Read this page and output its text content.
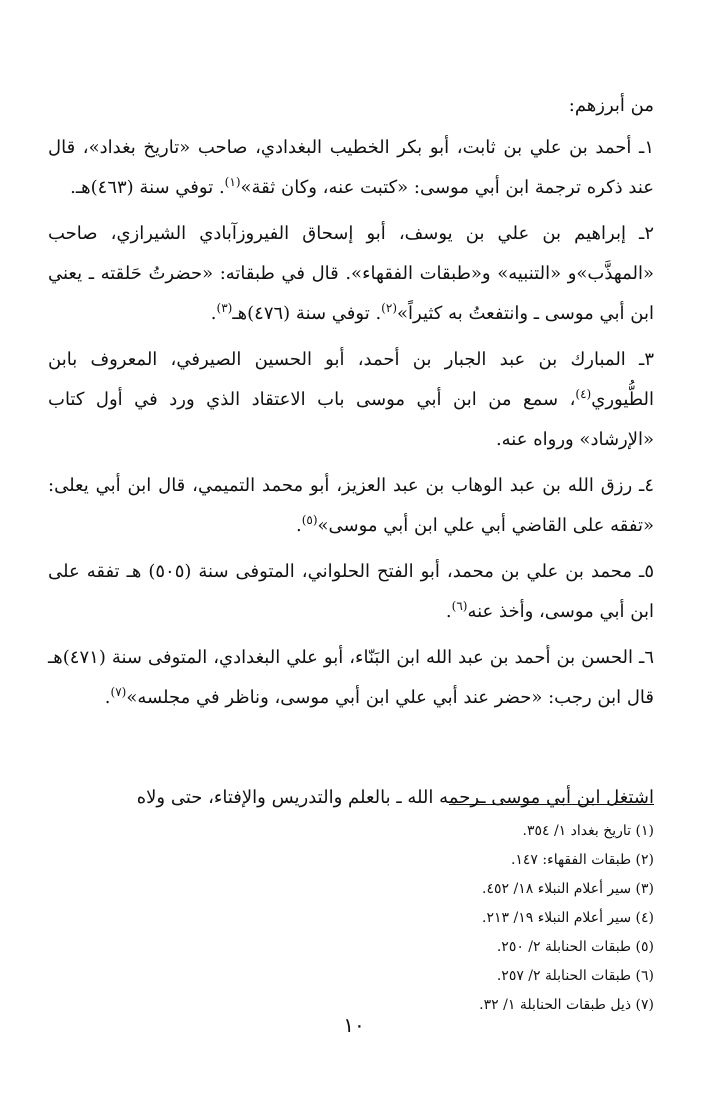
من أبرزهم:

١ـ أحمد بن علي بن ثابت، أبو بكر الخطيب البغدادي، صاحب «تاريخ بغداد»، قال عند ذكره ترجمة ابن أبي موسى: «كتبت عنه، وكان ثقة»$^{(١)}$. توفي سنة (٤٦٣)هـ.

٢ـ إبراهيم بن علي بن يوسف، أبو إسحاق الفيروزآبادي الشيرازي، صاحب «المهذَّب»و «التنبيه» و«طبقات الفقهاء». قال في طبقاته: «حضرتُ حَلقته ـ يعني ابن أبي موسى ـ وانتفعتُ به كثيراً»$^{(٢)}$. توفي سنة (٤٧٦)هـ$^{(٣)}$.

٣ـ المبارك بن عبد الجبار بن أحمد، أبو الحسين الصيرفي، المعروف بابن الطُّيوري$^{(٤)}$، سمع من ابن أبي موسى باب الاعتقاد الذي ورد في أول كتاب «الإرشاد» ورواه عنه.

٤ـ رزق الله بن عبد الوهاب بن عبد العزيز، أبو محمد التميمي، قال ابن أبي يعلى: «تفقه على القاضي أبي علي ابن أبي موسى»$^{(٥)}$.

٥ـ محمد بن علي بن محمد، أبو الفتح الحلواني، المتوفى سنة (٥٠٥) هـ تفقه على ابن أبي موسى، وأخذ عنه$^{(٦)}$.

٦ـ الحسن بن أحمد بن عبد الله ابن البَنّاء، أبو علي البغدادي، المتوفى سنة (٤٧١)هـ قال ابن رجب: «حضر عند أبي علي ابن أبي موسى، وناظر في مجلسه»$^{(٧)}$.

اشتغل ابن أبي موسى ـرحمه الله ـ بالعلم والتدريس والإفتاء، حتى ولاه

(١) تاريخ بغداد ١/ ٣٥٤.

(٢) طبقات الفقهاء: ١٤٧.

(٣) سير أعلام النبلاء ١٨/ ٤٥٢.

(٤) سير أعلام النبلاء ١٩/ ٢١٣.

(٥) طبقات الحنابلة ٢/ ٢٥٠.

(٦) طبقات الحنابلة ٢/ ٢٥٧.

(٧) ذيل طبقات الحنابلة ١/ ٣٢.

١٠
